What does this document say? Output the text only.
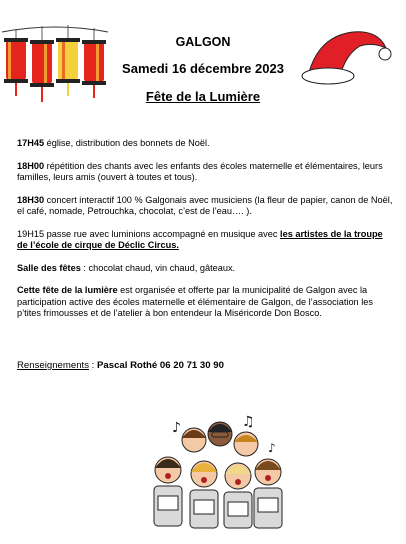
GALGON
Samedi 16 décembre 2023
Fête de la Lumière

17H45 église, distribution des bonnets de Noël.

18H00 répétition des chants avec les enfants des écoles maternelle et élémentaires, leurs familles, leurs amis (ouvert à toutes et tous).

18H30 concert interactif 100 % Galgonais avec musiciens (la fleur de papier, canon de Noël, el café, nomade, Petrouchka, chocolat, c’est de l’eau…. ).

19H15 passe rue avec luminions accompagné en musique avec les artistes de la troupe de l’école de cirque de Déclic Circus.

Salle des fêtes : chocolat chaud, vin chaud, gâteaux.

Cette fête de la lumière est organisée et offerte par la municipalité de Galgon avec la participation active des écoles maternelle et élémentaire de Galgon, de l’association les p’tites frimousses et de l’atelier à bon entendeur la Miséricorde Don Bosco.

Renseignements : Pascal Rothé 06 20 71 30 90
♪	♫
♪
